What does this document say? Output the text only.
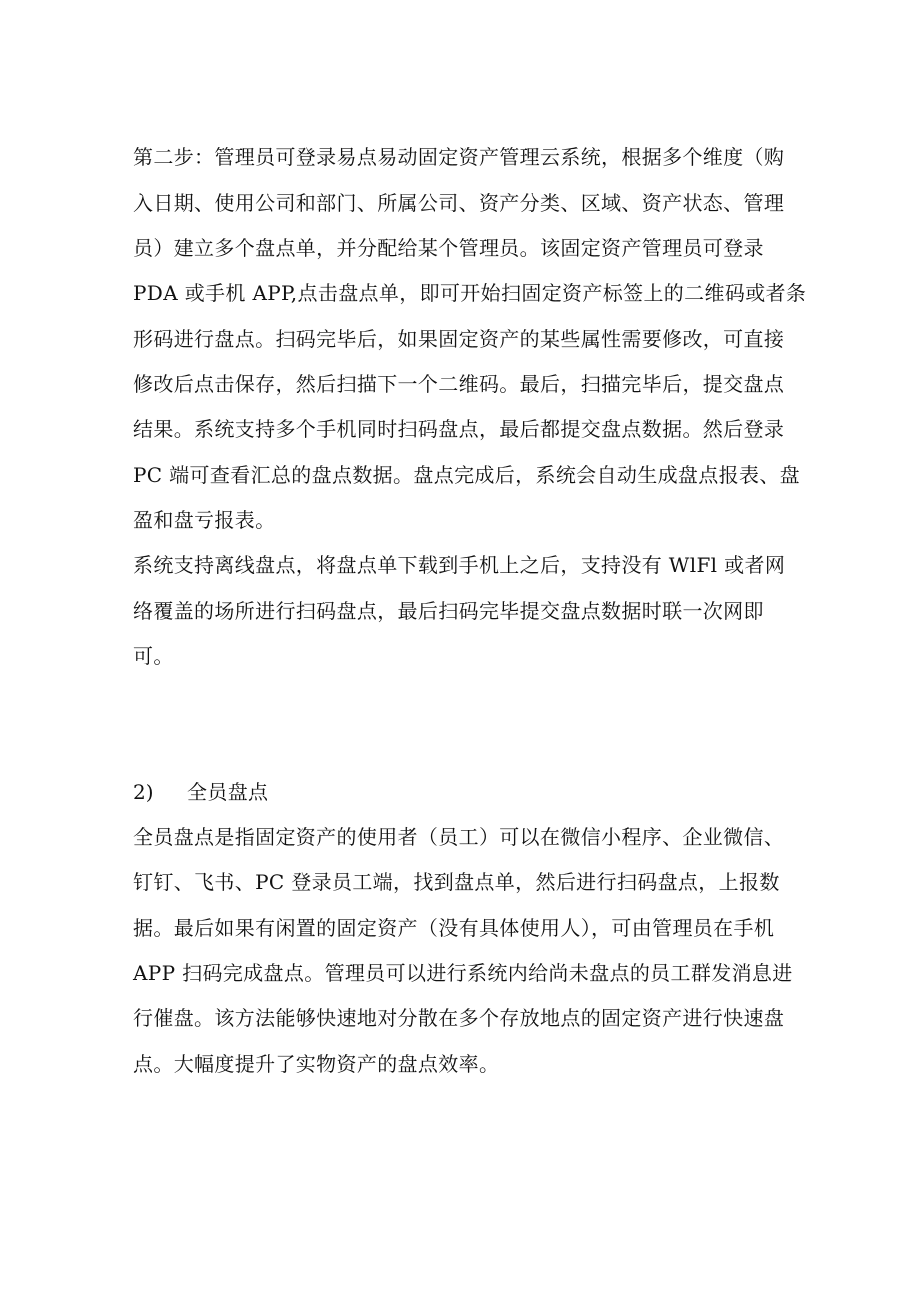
第二步：管理员可登录易点易动固定资产管理云系统，根据多个维度（购
入日期、使用公司和部门、所属公司、资产分类、区域、资产状态、管理
员）建立多个盘点单，并分配给某个管理员。该固定资产管理员可登录
PDA 或手机 APP,点击盘点单，即可开始扫固定资产标签上的二维码或者条
形码进行盘点。扫码完毕后，如果固定资产的某些属性需要修改，可直接
修改后点击保存，然后扫描下一个二维码。最后，扫描完毕后，提交盘点
结果。系统支持多个手机同时扫码盘点，最后都提交盘点数据。然后登录
PC 端可查看汇总的盘点数据。盘点完成后，系统会自动生成盘点报表、盘
盈和盘亏报表。
系统支持离线盘点，将盘点单下载到手机上之后，支持没有 WlFl 或者网
络覆盖的场所进行扫码盘点，最后扫码完毕提交盘点数据时联一次网即
可。
2) 全员盘点
全员盘点是指固定资产的使用者（员工）可以在微信小程序、企业微信、
钉钉、飞书、PC 登录员工端，找到盘点单，然后进行扫码盘点，上报数
据。最后如果有闲置的固定资产（没有具体使用人），可由管理员在手机
APP 扫码完成盘点。管理员可以进行系统内给尚未盘点的员工群发消息进
行催盘。该方法能够快速地对分散在多个存放地点的固定资产进行快速盘
点。大幅度提升了实物资产的盘点效率。
